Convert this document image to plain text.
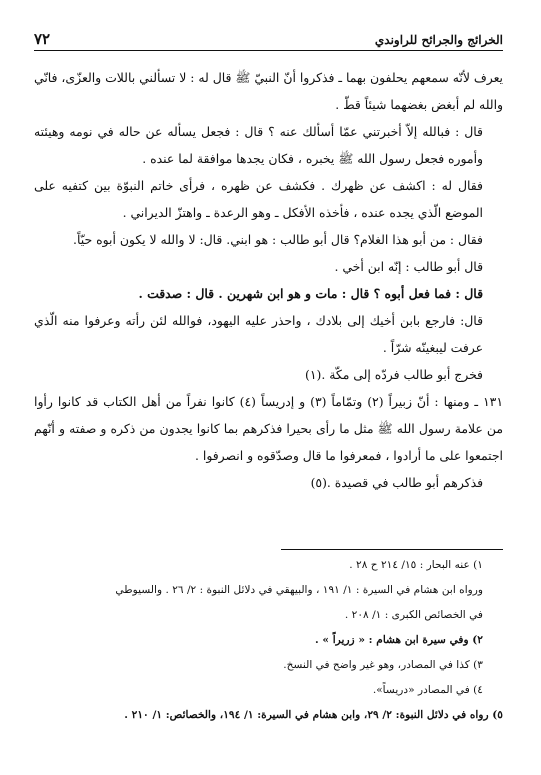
الخرائج والجرائح للراوندي
٧٢

يعرف لأنّه سمعهم يحلفون بهما ـ فذكروا أنّ النبيّ ﷺ قال له : لا تسألني باللات والعزّى، فانّي والله لم أبغض بغضهما شيئاً قطّ .

قال : فبالله إلاّ أخبرتني عمّا أسألك عنه ؟ قال : فجعل يسأله عن حاله في نومه وهيئته وأموره فجعل رسول الله ﷺ يخبره ، فكان يجدها موافقة لما عنده .

فقال له : اكشف عن ظهرك . فكشف عن ظهره ، فرأى خاتم النبوّة بين كتفيه على الموضع الّذي يجده عنده ، فأخذه الأفكل ـ وهو الرعدة ـ واهتزّ الديراني .

فقال : من أبو هذا الغلام؟ قال أبو طالب : هو ابني. قال: لا والله لا يكون أبوه حيّاً.

قال أبو طالب : إنّه ابن أخي .

قال : فما فعل أبوه ؟ قال : مات و هو ابن شهرين . قال : صدقت .

قال: فارجع بابن أخيك إلى بلادك ، واحذر عليه اليهود، فوالله لئن رأته وعرفوا منه الّذي عرفت ليبغينّه شرّاً .

فخرج أبو طالب فردّه إلى مكّة .(١)

١٣١ ـ ومنها : أنّ زبيراً (٢) وتمّاماً (٣) و إدريساً (٤) كانوا نفراً من أهل الكتاب قد كانوا رأوا من علامة رسول الله ﷺ مثل ما رأى بحيرا فذكرهم بما كانوا يجدون من ذكره و صفته و أنّهم اجتمعوا على ما أرادوا ، فمعرفوا ما قال وصدّقوه و انصرفوا .

فذكرهم أبو طالب في قصيدة .(٥)

١) عنه البحار : ١٥/ ٢١٤ ح ٢٨ .

ورواه ابن هشام في السيرة : ١/ ١٩١ ، والبيهقي في دلائل النبوة : ٢/ ٢٦ . والسيوطي

في الخصائص الكبرى : ١/ ٢٠٨ .

٢) وفي سيرة ابن هشام : « زريراً » .

٣) كذا في المصادر، وهو غير واضح في النسخ.

٤) في المصادر «دريساً».

٥) رواه في دلائل النبوة: ٢/ ٢٩، وابن هشام في السيرة: ١/ ١٩٤، والخصائص: ١/ ٢١٠ .
